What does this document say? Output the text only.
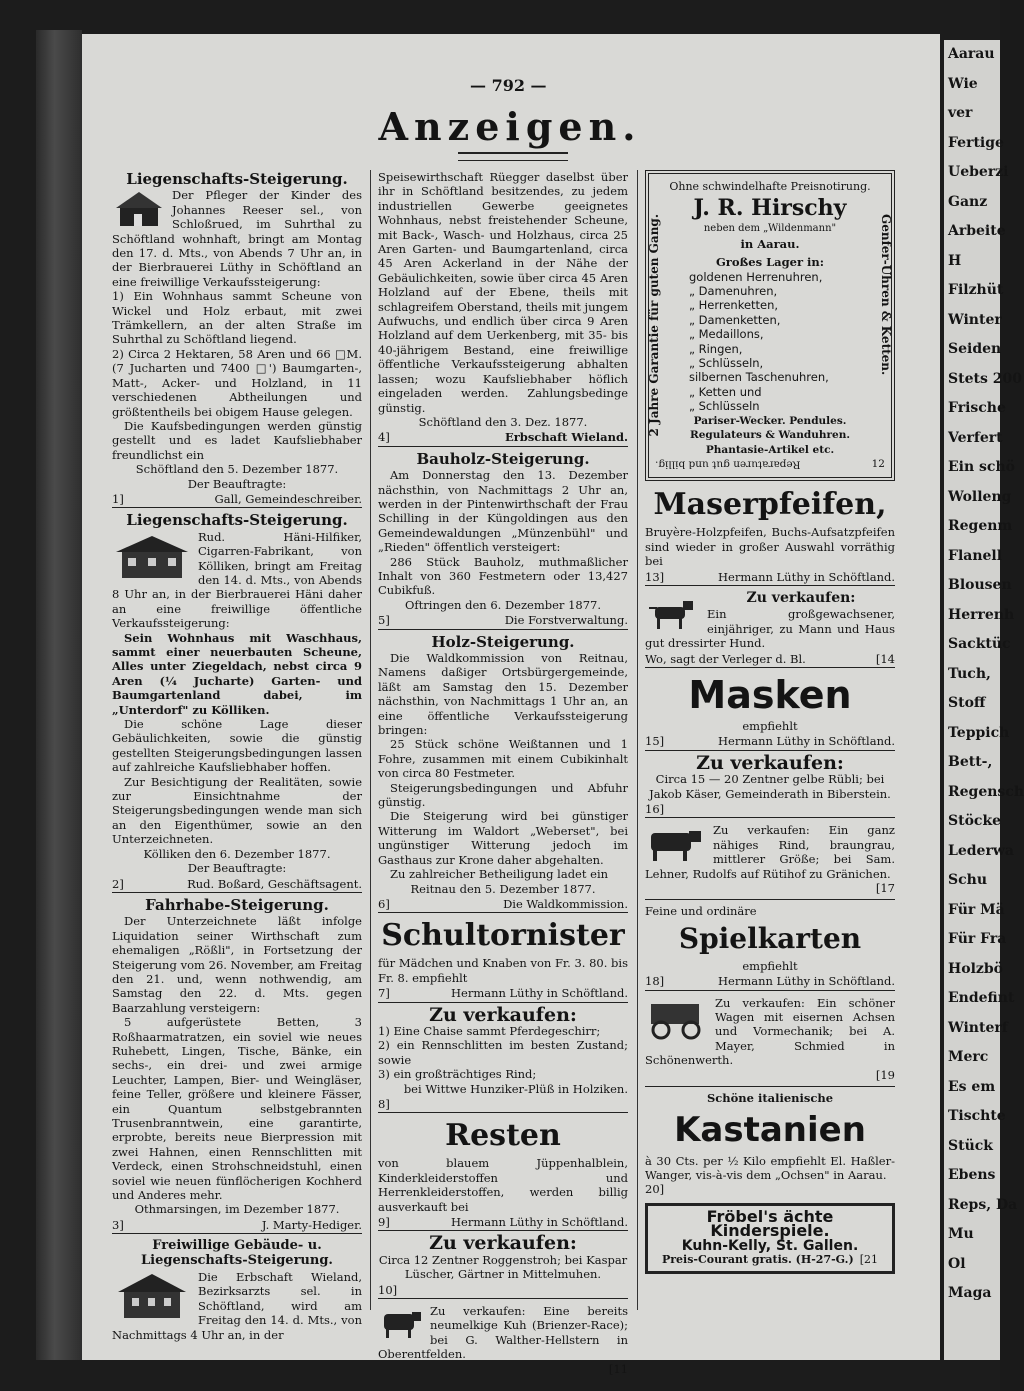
Aarau
Wie
ver
Fertige
Ueberzi
Ganz
Arbeite
H
Filzhüt
Winter
Seiden
Stets 200
Frische
Verfert
Ein schö
Wolleng
Regenm
Flanell
Blousen
Herrenh
Sacktüc
Tuch,
Stoff
Teppich
Bett-,
Regensch
Stöcke
Lederwa
Schu
Für Mä
Für Fra
Holzbö
Endefint
Winterf
Merc
Es em
Tischte
Stück
Ebens
Reps, Da
Mu
Ol
Maga
— 792 —
Anzeigen.
Liegenschafts-Steigerung.

Der Pfleger der Kinder des Johannes Reeser sel., von Schloßrued, im Suhrthal zu Schöftland wohnhaft, bringt am Montag den 17. d. Mts., von Abends 7 Uhr an, in der Bierbrauerei Lüthy in Schöftland an eine freiwillige Verkaufssteigerung:

1) Ein Wohnhaus sammt Scheune von Wickel und Holz erbaut, mit zwei Trämkellern, an der alten Straße im Suhrthal zu Schöftland liegend.

2) Circa 2 Hektaren, 58 Aren und 66 □M. (7 Jucharten und 7400 □') Baumgarten-, Matt-, Acker- und Holzland, in 11 verschiedenen Abtheilungen und größtentheils bei obigem Hause gelegen.

Die Kaufsbedingungen werden günstig gestellt und es ladet Kaufsliebhaber freundlichst ein

Schöftland den 5. Dezember 1877.

Der Beauftragte:

1]	Gall, Gemeindeschreiber.
Liegenschafts-Steigerung.

Rud. Häni-Hilfiker, Cigarren-Fabrikant, von Kölliken, bringt am Freitag den 14. d. Mts., von Abends 8 Uhr an, in der Bierbrauerei Häni daher an eine freiwillige öffentliche Verkaufssteigerung:

Sein Wohnhaus mit Waschhaus, sammt einer neuerbauten Scheune, Alles unter Ziegeldach, nebst circa 9 Aren (¼ Jucharte) Garten- und Baumgartenland dabei, im „Unterdorf" zu Kölliken.

Die schöne Lage dieser Gebäulichkeiten, sowie die günstig gestellten Steigerungsbedingungen lassen auf zahlreiche Kaufsliebhaber hoffen.

Zur Besichtigung der Realitäten, sowie zur Einsichtnahme der Steigerungsbedingungen wende man sich an den Eigenthümer, sowie an den Unterzeichneten.

Kölliken den 6. Dezember 1877.

Der Beauftragte:

2]	Rud. Boßard, Geschäftsagent.
Fahrhabe-Steigerung.

Der Unterzeichnete läßt infolge Liquidation seiner Wirthschaft zum ehemaligen „Rößli", in Fortsetzung der Steigerung vom 26. November, am Freitag den 21. und, wenn nothwendig, am Samstag den 22. d. Mts. gegen Baarzahlung versteigern:

5 aufgerüstete Betten, 3 Roßhaarmatratzen, ein soviel wie neues Ruhebett, Lingen, Tische, Bänke, ein sechs-, ein drei- und zwei armige Leuchter, Lampen, Bier- und Weingläser, feine Teller, größere und kleinere Fässer, ein Quantum selbstgebrannten Trusenbranntwein, eine garantirte, erprobte, bereits neue Bierpression mit zwei Hahnen, einen Rennschlitten mit Verdeck, einen Strohschneidstuhl, einen soviel wie neuen fünflöcherigen Kochherd und Anderes mehr.

Othmarsingen, im Dezember 1877.

3]	J. Marty-Hediger.
Freiwillige Gebäude- u. Liegenschafts-Steigerung.

Die Erbschaft Wieland, Bezirksarzts sel. in Schöftland, wird am Freitag den 14. d. Mts., von Nachmittags 4 Uhr an, in der

Speisewirthschaft Rüegger daselbst über ihr in Schöftland besitzendes, zu jedem industriellen Gewerbe geeignetes Wohnhaus, nebst freistehender Scheune, mit Back-, Wasch- und Holzhaus, circa 25 Aren Garten- und Baumgartenland, circa 45 Aren Ackerland in der Nähe der Gebäulichkeiten, sowie über circa 45 Aren Holzland auf der Ebene, theils mit schlagreifem Oberstand, theils mit jungem Aufwuchs, und endlich über circa 9 Aren Holzland auf dem Uerkenberg, mit 35- bis 40-jährigem Bestand, eine freiwillige öffentliche Verkaufssteigerung abhalten lassen; wozu Kaufsliebhaber höflich eingeladen werden. Zahlungsbedinge günstig.

Schöftland den 3. Dez. 1877.

4]	Erbschaft Wieland.
Bauholz-Steigerung.

Am Donnerstag den 13. Dezember nächsthin, von Nachmittags 2 Uhr an, werden in der Pintenwirthschaft der Frau Schilling in der Küngoldingen aus den Gemeindewaldungen „Münzenbühl" und „Rieden" öffentlich versteigert:

286 Stück Bauholz, muthmaßlicher Inhalt von 360 Festmetern oder 13,427 Cubikfuß.

Oftringen den 6. Dezember 1877.

5]	Die Forstverwaltung.
Holz-Steigerung.

Die Waldkommission von Reitnau, Namens daßiger Ortsbürgergemeinde, läßt am Samstag den 15. Dezember nächsthin, von Nachmittags 1 Uhr an, an eine öffentliche Verkaufssteigerung bringen:

25 Stück schöne Weißtannen und 1 Fohre, zusammen mit einem Cubikinhalt von circa 80 Festmeter.

Steigerungsbedingungen und Abfuhr günstig.

Die Steigerung wird bei günstiger Witterung im Waldort „Weberset", bei ungünstiger Witterung jedoch im Gasthaus zur Krone daher abgehalten.

Zu zahlreicher Betheiligung ladet ein

Reitnau den 5. Dezember 1877.

6]	Die Waldkommission.
Schultornister

für Mädchen und Knaben von Fr. 3. 80. bis Fr. 8. empfiehlt

7]	Hermann Lüthy in Schöftland.
Zu verkaufen:

1) Eine Chaise sammt Pferdegeschirr;

2) ein Rennschlitten im besten Zustand; sowie

3) ein großträchtiges Rind;

bei Wittwe Hunziker-Plüß in Holziken.

8]
Resten

von blauem Jüppenhalblein, Kinderkleiderstoffen und Herrenkleiderstoffen, werden billig ausverkauft bei

9]	Hermann Lüthy in Schöftland.
Zu verkaufen:

Circa 12 Zentner Roggenstroh; bei Kaspar Lüscher, Gärtner in Mittelmuhen.

10]

Zu verkaufen: Eine bereits neumelkige Kuh (Brienzer-Race); bei G. Walther-Hellstern in Oberentfelden.

[11

Ohne schwindelhafte Preisnotirung.
2 Jahre Garantie für guten Gang.	Genfer-Uhren & Ketten.
J. R. Hirschy
neben dem „Wildenmann"
in Aarau.
Großes Lager in:

goldenen Herrenuhren,

„ Damenuhren,

„ Herrenketten,

„ Damenketten,

„ Medaillons,

„ Ringen,

„ Schlüsseln,

silbernen Taschenuhren,

„ Ketten und

„ Schlüsseln

Pariser-Wecker. Pendules.
Regulateurs & Wanduhren.
Phantasie-Artikel etc.
Reparaturen gut und billig.	12
Maserpfeifen,

Bruyère-Holzpfeifen, Buchs-Aufsatzpfeifen sind wieder in großer Auswahl vorräthig bei

13]	Hermann Lüthy in Schöftland.
Zu verkaufen:

Ein großgewachsener, einjähriger, zu Mann und Haus gut dressirter Hund.

Wo, sagt der Verleger d. Bl.	[14
Masken

empfiehlt

15]	Hermann Lüthy in Schöftland.
Zu verkaufen:

Circa 15 — 20 Zentner gelbe Rübli; bei Jakob Käser, Gemeinderath in Biberstein.

16]

Zu verkaufen: Ein ganz nähiges Rind, braungrau, mittlerer Größe; bei Sam. Lehner, Rudolfs auf Rütihof zu Gränichen.

[17

Feine und ordinäre

Spielkarten

empfiehlt

18]	Hermann Lüthy in Schöftland.

Zu verkaufen: Ein schöner Wagen mit eisernen Achsen und Vormechanik; bei A. Mayer, Schmied in Schönenwerth.

[19

Schöne italienische

Kastanien

à 30 Cts. per ½ Kilo empfiehlt El. Haßler-Wanger, vis-à-vis dem „Ochsen" in Aarau.

20]

Fröbel's ächte Kinderspiele.
Kuhn-Kelly, St. Gallen.
Preis-Courant gratis. (H-27-G.) [21
